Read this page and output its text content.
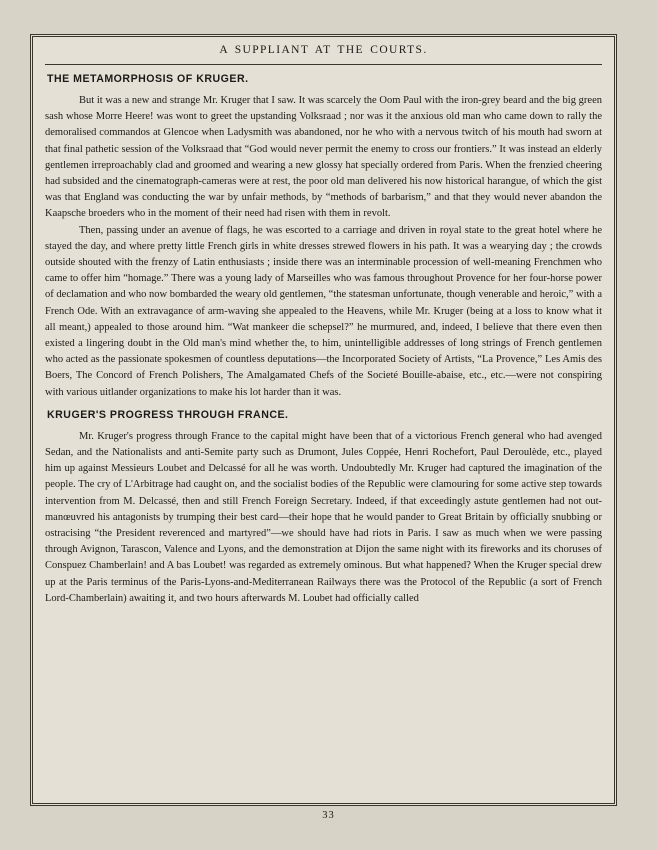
A SUPPLIANT AT THE COURTS.
THE METAMORPHOSIS OF KRUGER.

But it was a new and strange Mr. Kruger that I saw. It was scarcely the Oom Paul with the iron-grey beard and the big green sash whose Morre Heere! was wont to greet the upstanding Volksraad ; nor was it the anxious old man who came down to rally the demoralised commandos at Glencoe when Ladysmith was abandoned, nor he who with a nervous twitch of his mouth had sworn at that final pathetic session of the Volksraad that “God would never permit the enemy to cross our frontiers.” It was instead an elderly gentlemen irreproachably clad and groomed and wearing a new glossy hat specially ordered from Paris. When the frenzied cheering had subsided and the cinematograph-cameras were at rest, the poor old man delivered his now historical harangue, of which the gist was that England was conducting the war by unfair methods, by “methods of barbarism,” and that they would never abandon the Kaapsche broeders who in the moment of their need had risen with them in revolt.

Then, passing under an avenue of flags, he was escorted to a carriage and driven in royal state to the great hotel where he stayed the day, and where pretty little French girls in white dresses strewed flowers in his path. It was a wearying day ; the crowds outside shouted with the frenzy of Latin enthusiasts ; inside there was an interminable procession of well-meaning Frenchmen who came to offer him “homage.” There was a young lady of Marseilles who was famous throughout Provence for her four-horse power of declamation and who now bombarded the weary old gentlemen, “the statesman unfortunate, though venerable and heroic,” with a French Ode. With an extravagance of arm-waving she appealed to the Heavens, while Mr. Kruger (being at a loss to know what it all meant,) appealed to those around him. “Wat mankeer die schepsel?” he murmured, and, indeed, I believe that there even then existed a lingering doubt in the Old man's mind whether the, to him, unintelligible addresses of long strings of French gentlemen who acted as the passionate spokesmen of countless deputations—the Incorporated Society of Artists, “La Provence,” Les Amis des Boers, The Concord of French Polishers, The Amalgamated Chefs of the Societé Bouille-abaise, etc., etc.—were not conspiring with various uitlander organizations to make his lot harder than it was.

KRUGER'S PROGRESS THROUGH FRANCE.

Mr. Kruger's progress through France to the capital might have been that of a victorious French general who had avenged Sedan, and the Nationalists and anti-Semite party such as Drumont, Jules Coppée, Henri Rochefort, Paul Deroulède, etc., played him up against Messieurs Loubet and Delcassé for all he was worth. Undoubtedly Mr. Kruger had captured the imagination of the people. The cry of L'Arbitrage had caught on, and the socialist bodies of the Republic were clamouring for some active step towards intervention from M. Delcassé, then and still French Foreign Secretary. Indeed, if that exceedingly astute gentlemen had not out-manœuvred his antagonists by trumping their best card—their hope that he would pander to Great Britain by officially snubbing or ostracising “the President reverenced and martyred”—we should have had riots in Paris. I saw as much when we were passing through Avignon, Tarascon, Valence and Lyons, and the demonstration at Dijon the same night with its fireworks and its choruses of Conspuez Chamberlain! and A bas Loubet! was regarded as extremely ominous. But what happened? When the Kruger special drew up at the Paris terminus of the Paris-Lyons-and-Mediterranean Railways there was the Protocol of the Republic (a sort of French Lord-Chamberlain) awaiting it, and two hours afterwards M. Loubet had officially called

33
